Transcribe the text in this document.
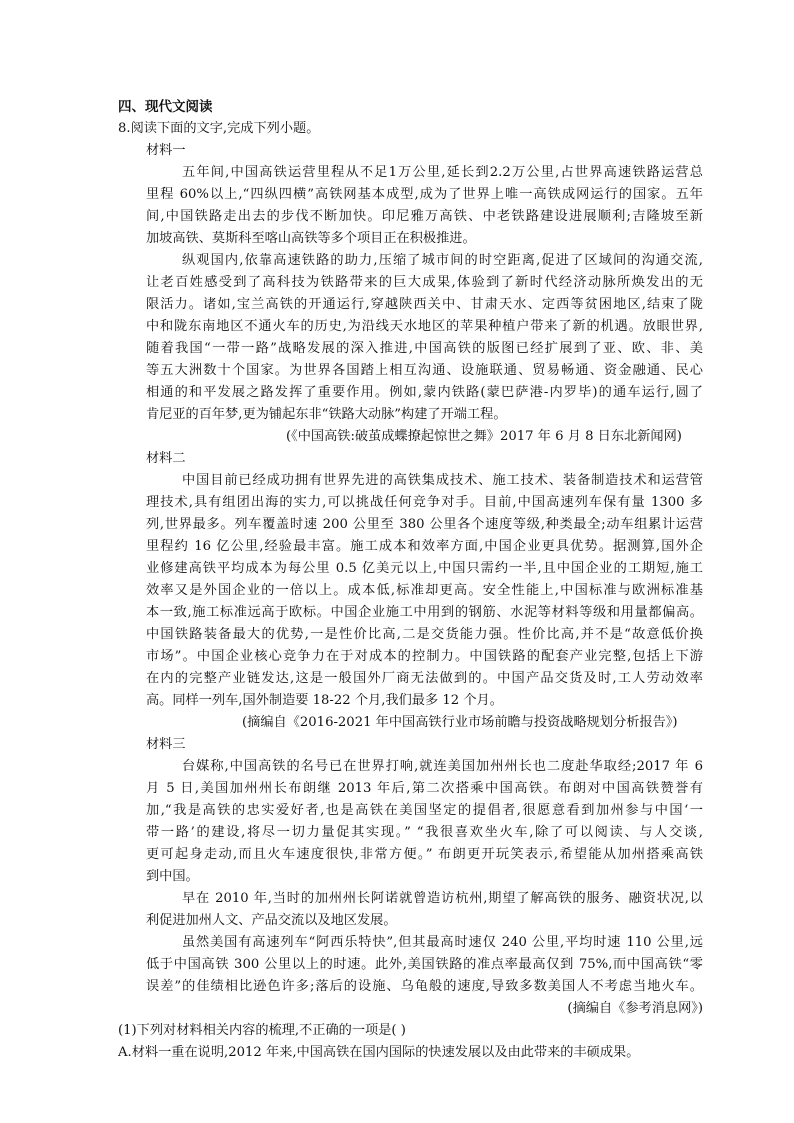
四、现代文阅读
8.阅读下面的文字,完成下列小题。
材料一
五年间,中国高铁运营里程从不足1万公里,延长到2.2万公里,占世界高速铁路运营总
里程 60%以上,“四纵四横”高铁网基本成型,成为了世界上唯一高铁成网运行的国家。五年
间,中国铁路走出去的步伐不断加快。印尼雅万高铁、中老铁路建设进展顺利;吉隆坡至新
加坡高铁、莫斯科至喀山高铁等多个项目正在积极推进。
纵观国内,依靠高速铁路的助力,压缩了城市间的时空距离,促进了区域间的沟通交流,
让老百姓感受到了高科技为铁路带来的巨大成果,体验到了新时代经济动脉所焕发出的无
限活力。诸如,宝兰高铁的开通运行,穿越陕西关中、甘肃天水、定西等贫困地区,结束了陇
中和陇东南地区不通火车的历史,为沿线天水地区的苹果种植户带来了新的机遇。放眼世界,
随着我国“一带一路”战略发展的深入推进,中国高铁的版图已经扩展到了亚、欧、非、美
等五大洲数十个国家。为世界各国踏上相互沟通、设施联通、贸易畅通、资金融通、民心
相通的和平发展之路发挥了重要作用。例如,蒙内铁路(蒙巴萨港-内罗毕)的通车运行,圆了
肯尼亚的百年梦,更为铺起东非“铁路大动脉”构建了开端工程。
(《中国高铁:破茧成蝶撩起惊世之舞》2017 年 6 月 8 日东北新闻网)
材料二
中国目前已经成功拥有世界先进的高铁集成技术、施工技术、装备制造技术和运营管
理技术,具有组团出海的实力,可以挑战任何竞争对手。目前,中国高速列车保有量 1300 多
列,世界最多。列车覆盖时速 200 公里至 380 公里各个速度等级,种类最全;动车组累计运营
里程约 16 亿公里,经验最丰富。施工成本和效率方面,中国企业更具优势。据测算,国外企
业修建高铁平均成本为每公里 0.5 亿美元以上,中国只需约一半,且中国企业的工期短,施工
效率又是外国企业的一倍以上。成本低,标准却更高。安全性能上,中国标准与欧洲标准基
本一致,施工标准远高于欧标。中国企业施工中用到的钢筋、水泥等材料等级和用量都偏高。
中国铁路装备最大的优势,一是性价比高,二是交货能力强。性价比高,并不是“故意低价换
市场”。中国企业核心竞争力在于对成本的控制力。中国铁路的配套产业完整,包括上下游
在内的完整产业链发达,这是一般国外厂商无法做到的。中国产品交货及时,工人劳动效率
高。同样一列车,国外制造要 18-22 个月,我们最多 12 个月。
(摘编自《2016-2021 年中国高铁行业市场前瞻与投资战略规划分析报告》)
材料三
台媒称,中国高铁的名号已在世界打响,就连美国加州州长也二度赴华取经;2017 年 6
月 5 日,美国加州州长布朗继 2013 年后,第二次搭乘中国高铁。布朗对中国高铁赞誉有
加,“我是高铁的忠实爱好者,也是高铁在美国坚定的提倡者,很愿意看到加州参与中国‘一
带一路’的建设,将尽一切力量促其实现。” “我很喜欢坐火车,除了可以阅读、与人交谈,
更可起身走动,而且火车速度很快,非常方便。” 布朗更开玩笑表示,希望能从加州搭乘高铁
到中国。
早在 2010 年,当时的加州州长阿诺就曾造访杭州,期望了解高铁的服务、融资状况,以
利促进加州人文、产品交流以及地区发展。
虽然美国有高速列车“阿西乐特快”,但其最高时速仅 240 公里,平均时速 110 公里,远
低于中国高铁 300 公里以上的时速。此外,美国铁路的准点率最高仅到 75%,而中国高铁“零
误差”的佳绩相比逊色许多;落后的设施、乌龟般的速度,导致多数美国人不考虑当地火车。
(摘编自《参考消息网》)
(1)下列对材料相关内容的梳理,不正确的一项是( )
A.材料一重在说明,2012 年来,中国高铁在国内国际的快速发展以及由此带来的丰硕成果。
